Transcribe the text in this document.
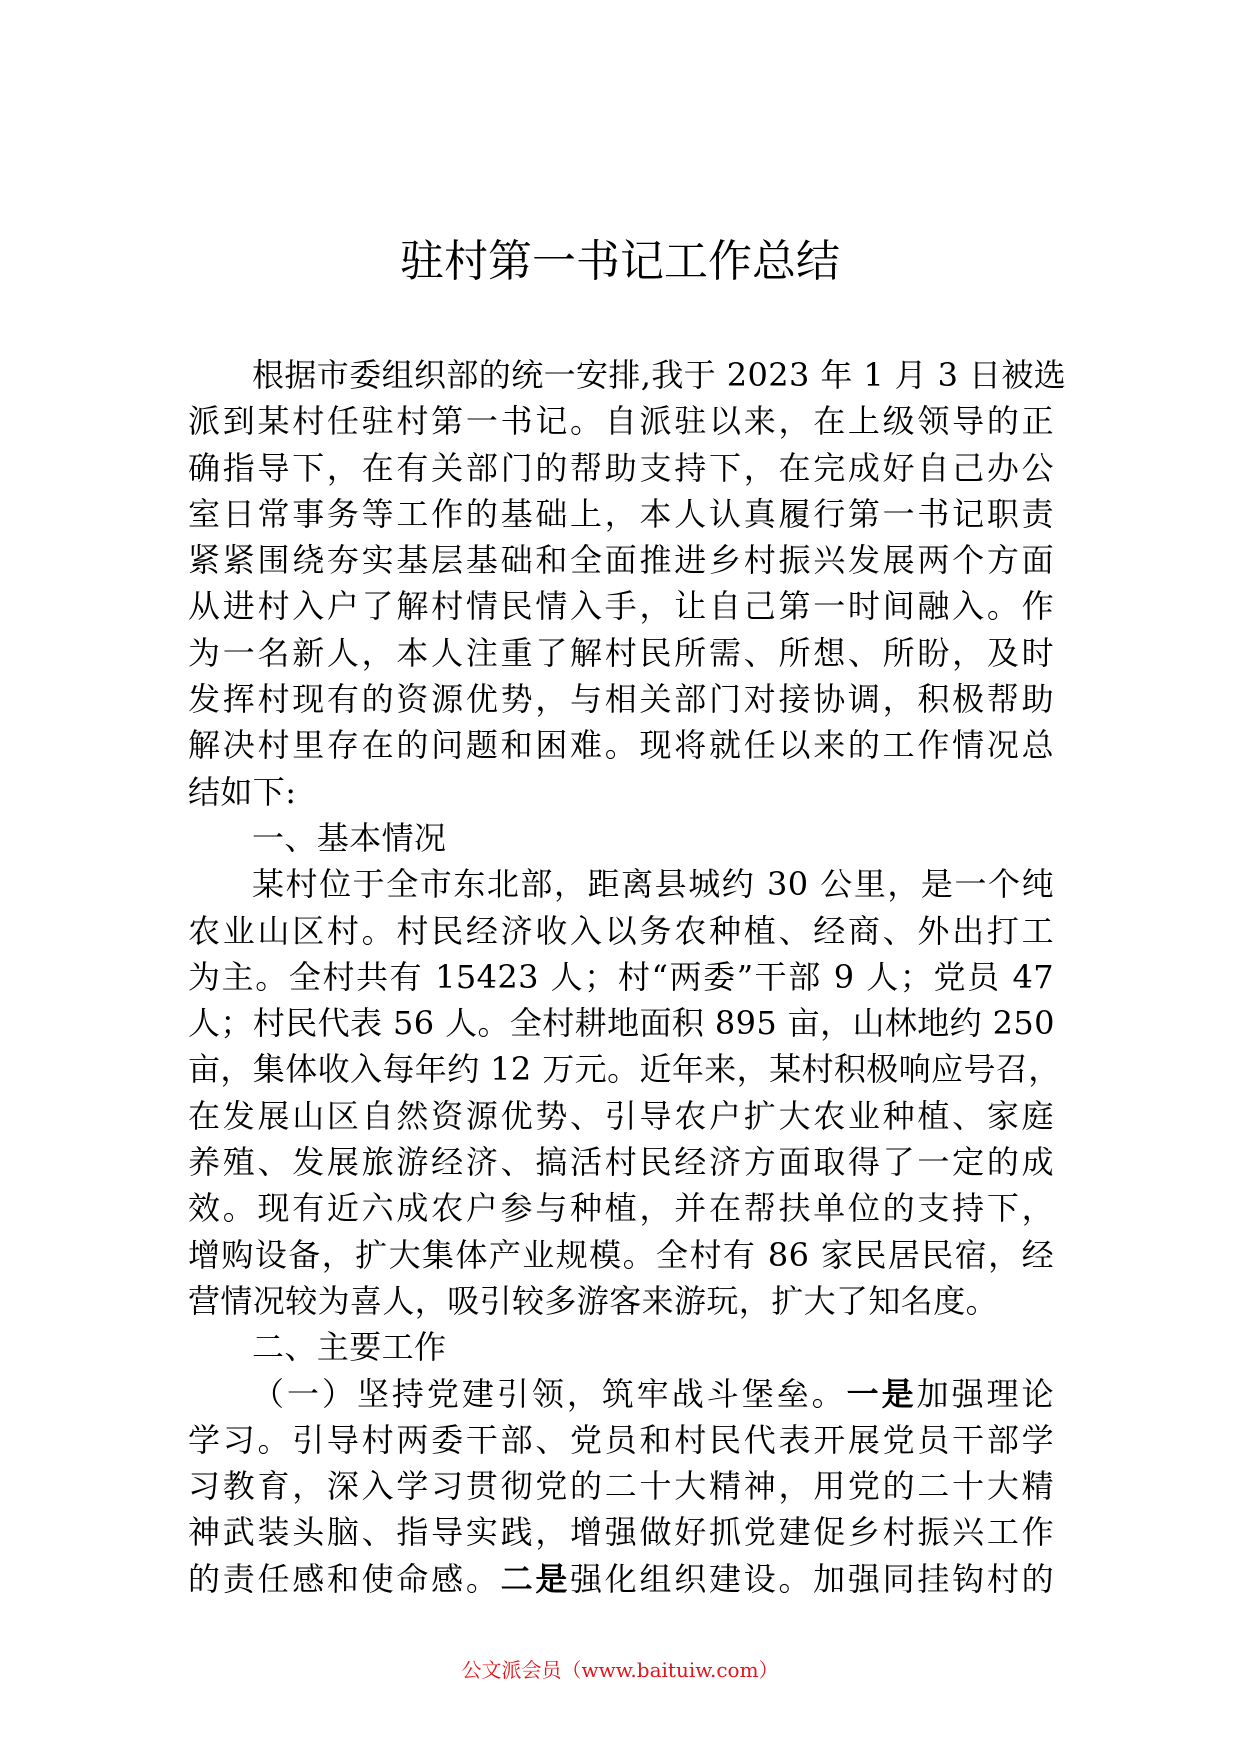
驻村第一书记工作总结
根据市委组织部的统一安排,我于 2023 年 1 月 3 日被选
派到某村任驻村第一书记。自派驻以来，在上级领导的正
确指导下，在有关部门的帮助支持下，在完成好自己办公
室日常事务等工作的基础上，本人认真履行第一书记职责
紧紧围绕夯实基层基础和全面推进乡村振兴发展两个方面
从进村入户了解村情民情入手，让自己第一时间融入。作
为一名新人，本人注重了解村民所需、所想、所盼，及时
发挥村现有的资源优势，与相关部门对接协调，积极帮助
解决村里存在的问题和困难。现将就任以来的工作情况总
结如下:
一、基本情况
某村位于全市东北部，距离县城约 30 公里，是一个纯
农业山区村。村民经济收入以务农种植、经商、外出打工
为主。全村共有 15423 人；村“两委”干部 9 人；党员 47
人；村民代表 56 人。全村耕地面积 895 亩，山林地约 250
亩，集体收入每年约 12 万元。近年来，某村积极响应号召，
在发展山区自然资源优势、引导农户扩大农业种植、家庭
养殖、发展旅游经济、搞活村民经济方面取得了一定的成
效。现有近六成农户参与种植，并在帮扶单位的支持下，
增购设备，扩大集体产业规模。全村有 86 家民居民宿，经
营情况较为喜人，吸引较多游客来游玩，扩大了知名度。
二、主要工作
（一）坚持党建引领，筑牢战斗堡垒。一是加强理论
学习。引导村两委干部、党员和村民代表开展党员干部学
习教育，深入学习贯彻党的二十大精神，用党的二十大精
神武装头脑、指导实践，增强做好抓党建促乡村振兴工作
的责任感和使命感。二是强化组织建设。加强同挂钩村的
公文派会员（www.baituiw.com）
